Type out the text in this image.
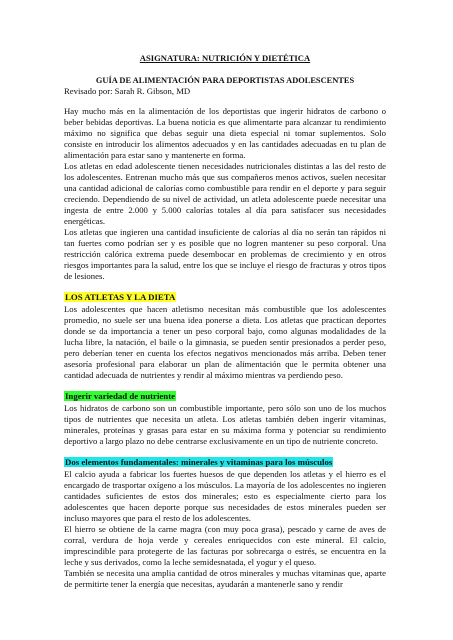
ASIGNATURA: NUTRICIÓN Y DIETÉTICA
GUÍA DE ALIMENTACIÓN PARA DEPORTISTAS ADOLESCENTES
Revisado por: Sarah R. Gibson, MD

Hay mucho más en la alimentación de los deportistas que ingerir hidratos de carbono o beber bebidas deportivas. La buena noticia es que alimentarte para alcanzar tu rendimiento máximo no significa que debas seguir una dieta especial ni tomar suplementos. Solo consiste en introducir los alimentos adecuados y en las cantidades adecuadas en tu plan de alimentación para estar sano y mantenerte en forma.

Los atletas en edad adolescente tienen necesidades nutricionales distintas a las del resto de los adolescentes. Entrenan mucho más que sus compañeros menos activos, suelen necesitar una cantidad adicional de calorías como combustible para rendir en el deporte y para seguir creciendo. Dependiendo de su nivel de actividad, un atleta adolescente puede necesitar una ingesta de entre 2.000 y 5.000 calorías totales al día para satisfacer sus necesidades energéticas.

Los atletas que ingieren una cantidad insuficiente de calorías al día no serán tan rápidos ni tan fuertes como podrían ser y es posible que no logren mantener su peso corporal. Una restricción calórica extrema puede desembocar en problemas de crecimiento y en otros riesgos importantes para la salud, entre los que se incluye el riesgo de fracturas y otros tipos de lesiones.

LOS ATLETAS Y LA DIETA

Los adolescentes que hacen atletismo necesitan más combustible que los adolescentes promedio, no suele ser una buena idea ponerse a dieta. Los atletas que practican deportes donde se da importancia a tener un peso corporal bajo, como algunas modalidades de la lucha libre, la natación, el baile o la gimnasia, se pueden sentir presionados a perder peso, pero deberían tener en cuenta los efectos negativos mencionados más arriba. Deben tener asesoría profesional para elaborar un plan de alimentación que le permita obtener una cantidad adecuada de nutrientes y rendir al máximo mientras va perdiendo peso.

Ingerir variedad de nutriente

Los hidratos de carbono son un combustible importante, pero sólo son uno de los muchos tipos de nutrientes que necesita un atleta. Los atletas también deben ingerir vitaminas, minerales, proteínas y grasas para estar en su máxima forma y potenciar su rendimiento deportivo a largo plazo no debe centrarse exclusivamente en un tipo de nutriente concreto.

Dos elementos fundamentales: minerales y vitaminas para los músculos

El calcio ayuda a fabricar los fuertes huesos de que dependen los atletas y el hierro es el encargado de trasportar oxígeno a los músculos. La mayoría de los adolescentes no ingieren cantidades suficientes de estos dos minerales; esto es especialmente cierto para los adolescentes que hacen deporte porque sus necesidades de estos minerales pueden ser incluso mayores que para el resto de los adolescentes.

El hierro se obtiene de la carne magra (con muy poca grasa), pescado y carne de aves de corral, verdura de hoja verde y cereales enriquecidos con este mineral. El calcio, imprescindible para protegerte de las facturas por sobrecarga o estrés, se encuentra en la leche y sus derivados, como la leche semidesnatada, el yogur y el queso.

También se necesita una amplia cantidad de otros minerales y muchas vitaminas que, aparte de permitirte tener la energía que necesitas, ayudarán a mantenerle sano y rendir
